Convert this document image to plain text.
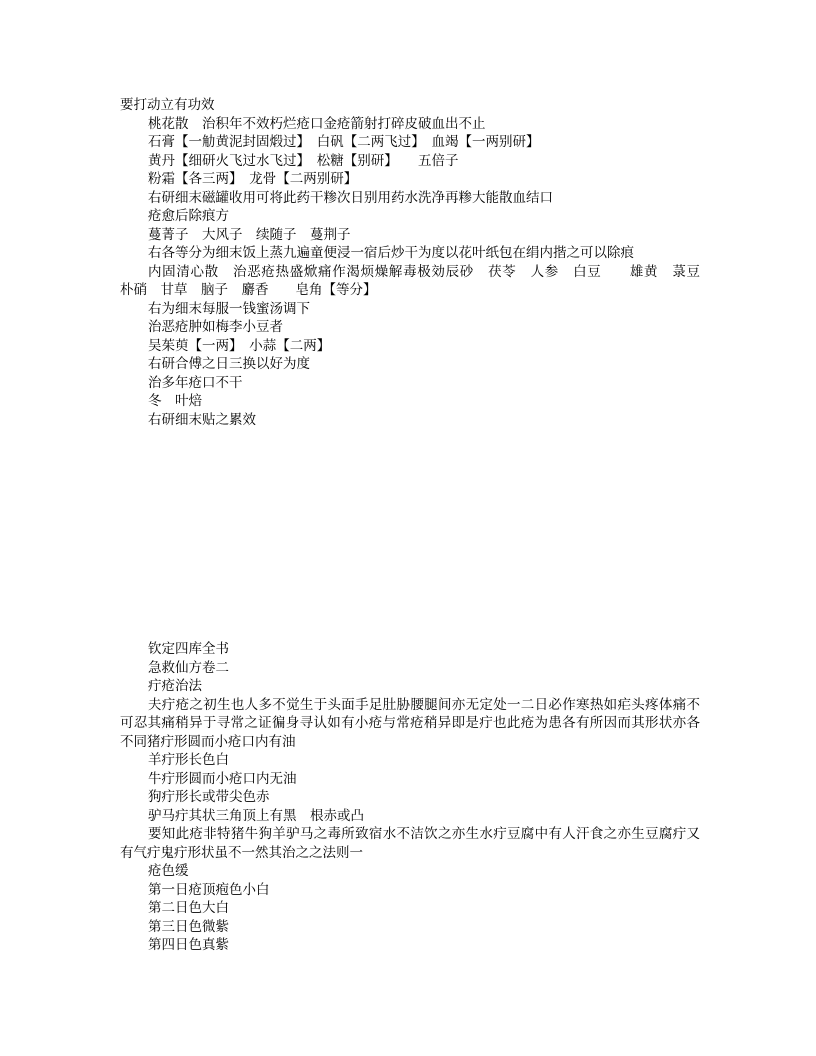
要打动立有功效
桃花散　治积年不效朽烂疮口金疮箭射打碎皮破血出不止
石膏【一觔黄泥封固煅过】　白矾【二两飞过】　血竭【一两别研】
黄丹【细研火飞过水飞过】　松糖【别研】　　五倍子
粉霜【各三两】　龙骨【二两别研】
右研细末磁罐收用可将此药干糁次日别用药水洗净再糁大能散血结口
疮愈后除痕方
蔓菁子　大风子　续随子　蔓荆子
右各等分为细末饭上蒸九遍童便浸一宿后炒干为度以花叶纸包在绢内揩之可以除痕

内固清心散　治恶疮热盛焮痛作渴烦燥解毒极効辰砂　茯苓　人参　白豆　　雄黄　菉豆　朴硝　甘草　脑子　麝香　　皂角【等分】

右为细末每服一钱蜜汤调下
治恶疮肿如梅李小豆者
吴茱萸【一两】　小蒜【二两】
右研合傅之日三换以好为度
治多年疮口不干
冬　叶焙
右研细末贴之累效
钦定四库全书
急救仙方卷二
疔疮治法

夫疔疮之初生也人多不觉生于头面手足肚胁腰腿间亦无定处一二日必作寒热如疟头疼体痛不可忍其痛稍异于寻常之证徧身寻认如有小疮与常疮稍异即是疔也此疮为患各有所因而其形状亦各不同猪疔形圆而小疮口内有油

羊疔形长色白
牛疔形圆而小疮口内无油
狗疔形长或带尖色赤
驴马疔其状三角顶上有黑　根赤或凸

要知此疮非特猪牛狗羊驴马之毒所致宿水不洁饮之亦生水疔豆腐中有人汗食之亦生豆腐疔又有气疔鬼疔形状虽不一然其治之之法则一

疮色缓
第一日疮顶疱色小白
第二日色大白
第三日色微紫
第四日色真紫
